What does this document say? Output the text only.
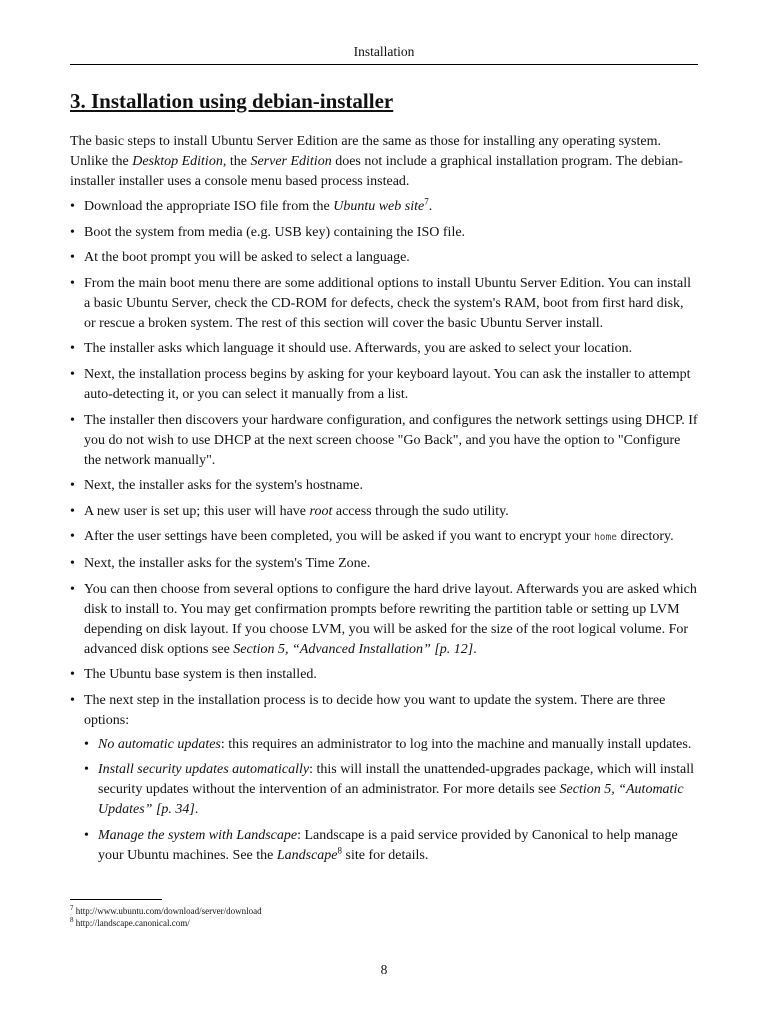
Installation
3. Installation using debian-installer

The basic steps to install Ubuntu Server Edition are the same as those for installing any operating system. Unlike the Desktop Edition, the Server Edition does not include a graphical installation program. The debian-installer installer uses a console menu based process instead.

• Download the appropriate ISO file from the Ubuntu web site$^7$.
• Boot the system from media (e.g. USB key) containing the ISO file.
• At the boot prompt you will be asked to select a language.
• From the main boot menu there are some additional options to install Ubuntu Server Edition. You can install a basic Ubuntu Server, check the CD-ROM for defects, check the system's RAM, boot from first hard disk, or rescue a broken system. The rest of this section will cover the basic Ubuntu Server install.
• The installer asks which language it should use. Afterwards, you are asked to select your location.
• Next, the installation process begins by asking for your keyboard layout. You can ask the installer to attempt auto-detecting it, or you can select it manually from a list.
• The installer then discovers your hardware configuration, and configures the network settings using DHCP. If you do not wish to use DHCP at the next screen choose "Go Back", and you have the option to "Configure the network manually".
• Next, the installer asks for the system's hostname.
• A new user is set up; this user will have root access through the sudo utility.
• After the user settings have been completed, you will be asked if you want to encrypt your home directory.
• Next, the installer asks for the system's Time Zone.
• You can then choose from several options to configure the hard drive layout. Afterwards you are asked which disk to install to. You may get confirmation prompts before rewriting the partition table or setting up LVM depending on disk layout. If you choose LVM, you will be asked for the size of the root logical volume. For advanced disk options see Section 5, “Advanced Installation” [p. 12].
• The Ubuntu base system is then installed.
• The next step in the installation process is to decide how you want to update the system. There are three options:
• No automatic updates: this requires an administrator to log into the machine and manually install updates.
• Install security updates automatically: this will install the unattended-upgrades package, which will install security updates without the intervention of an administrator. For more details see Section 5, “Automatic Updates” [p. 34].
• Manage the system with Landscape: Landscape is a paid service provided by Canonical to help manage your Ubuntu machines. See the Landscape$^8$ site for details.
$^7$ http://www.ubuntu.com/download/server/download
$^8$ http://landscape.canonical.com/
8
